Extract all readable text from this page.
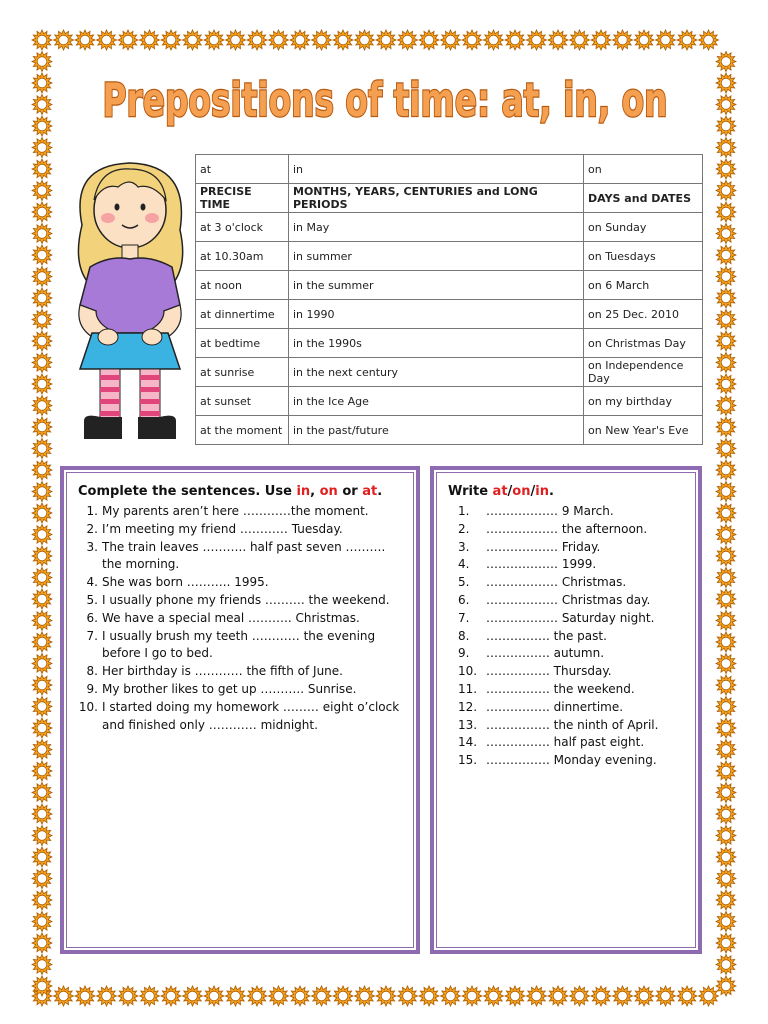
Prepositions of time: at, in, on
at	in	on
PRECISE TIME	MONTHS, YEARS, CENTURIES and LONG PERIODS	DAYS and DATES
at 3 o'clock	in May	on Sunday
at 10.30am	in summer	on Tuesdays
at noon	in the summer	on 6 March
at dinnertime	in 1990	on 25 Dec. 2010
at bedtime	in the 1990s	on Christmas Day
at sunrise	in the next century	on Independence Day
at sunset	in the Ice Age	on my birthday
at the moment	in the past/future	on New Year's Eve
Complete the sentences. Use in, on or at.
1. My parents aren’t here …………the moment.
2. I’m meeting my friend ………… Tuesday.
3. The train leaves ……….. half past seven ……….
the morning.
4. She was born ……….. 1995.
5. I usually phone my friends ………. the weekend.
6. We have a special meal ……….. Christmas.
7. I usually brush my teeth ………… the evening
before I go to bed.
8. Her birthday is ………… the fifth of June.
9. My brother likes to get up ……….. Sunrise.
10. I started doing my homework ……… eight o’clock
and finished only ………… midnight.
Write at/on/in.
1.	……………… 9 March.
2.	……………… the afternoon.
3.	……………… Friday.
4.	……………… 1999.
5.	……………… Christmas.
6.	……………… Christmas day.
7.	……………… Saturday night.
8.	……………. the past.
9.	……………. autumn.
10. ……………. Thursday.
11. ……………. the weekend.
12. ……………. dinnertime.
13. ……………. the ninth of April.
14. ……………. half past eight.
15. ……………. Monday evening.
